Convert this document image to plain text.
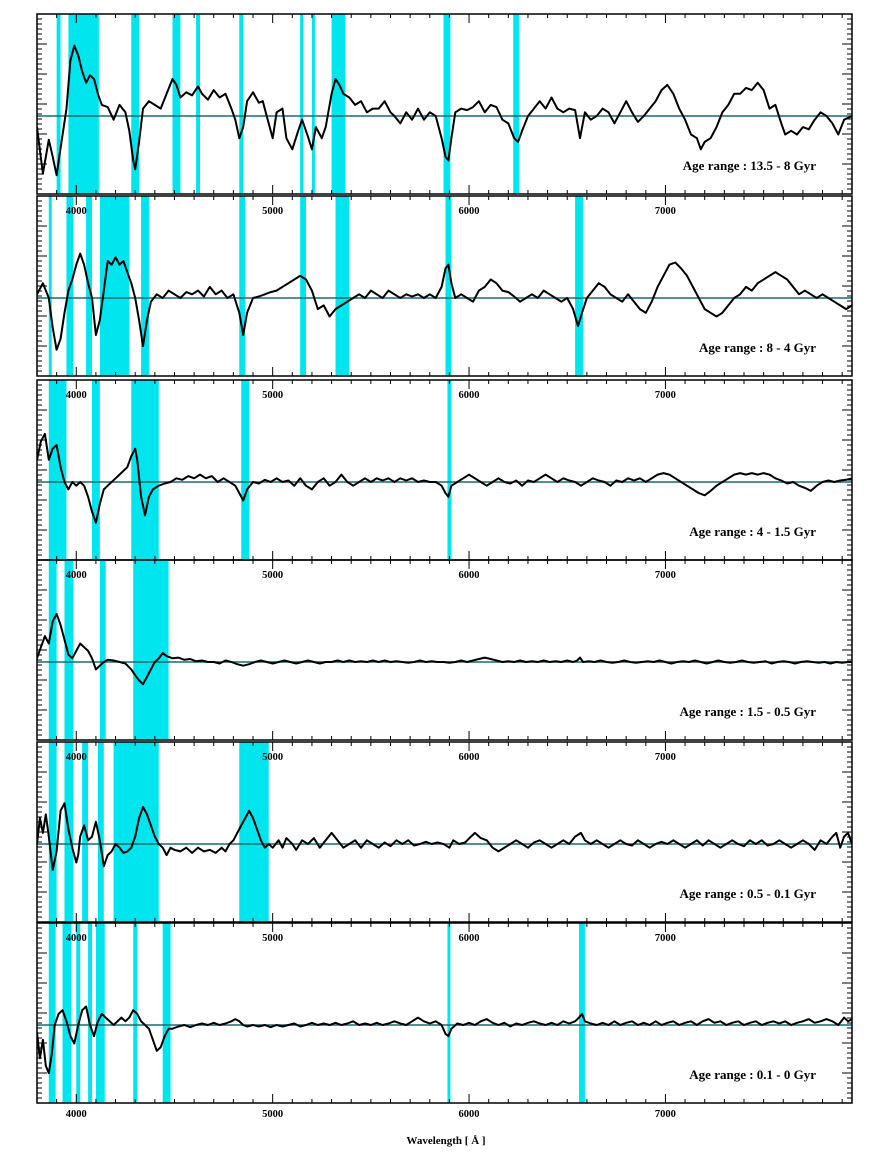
Age range : 13.5 - 8 Gyr
4000	5000	6000	7000
Age range : 8 - 4 Gyr
4000	5000	6000	7000
Age range : 4 - 1.5 Gyr
4000	5000	6000	7000
Age range : 1.5 - 0.5 Gyr
4000	5000	6000	7000
Age range : 0.5 - 0.1 Gyr
4000	5000	6000	7000
Age range : 0.1 - 0 Gyr
4000	5000	6000	7000
Wavelength [ Å ]
